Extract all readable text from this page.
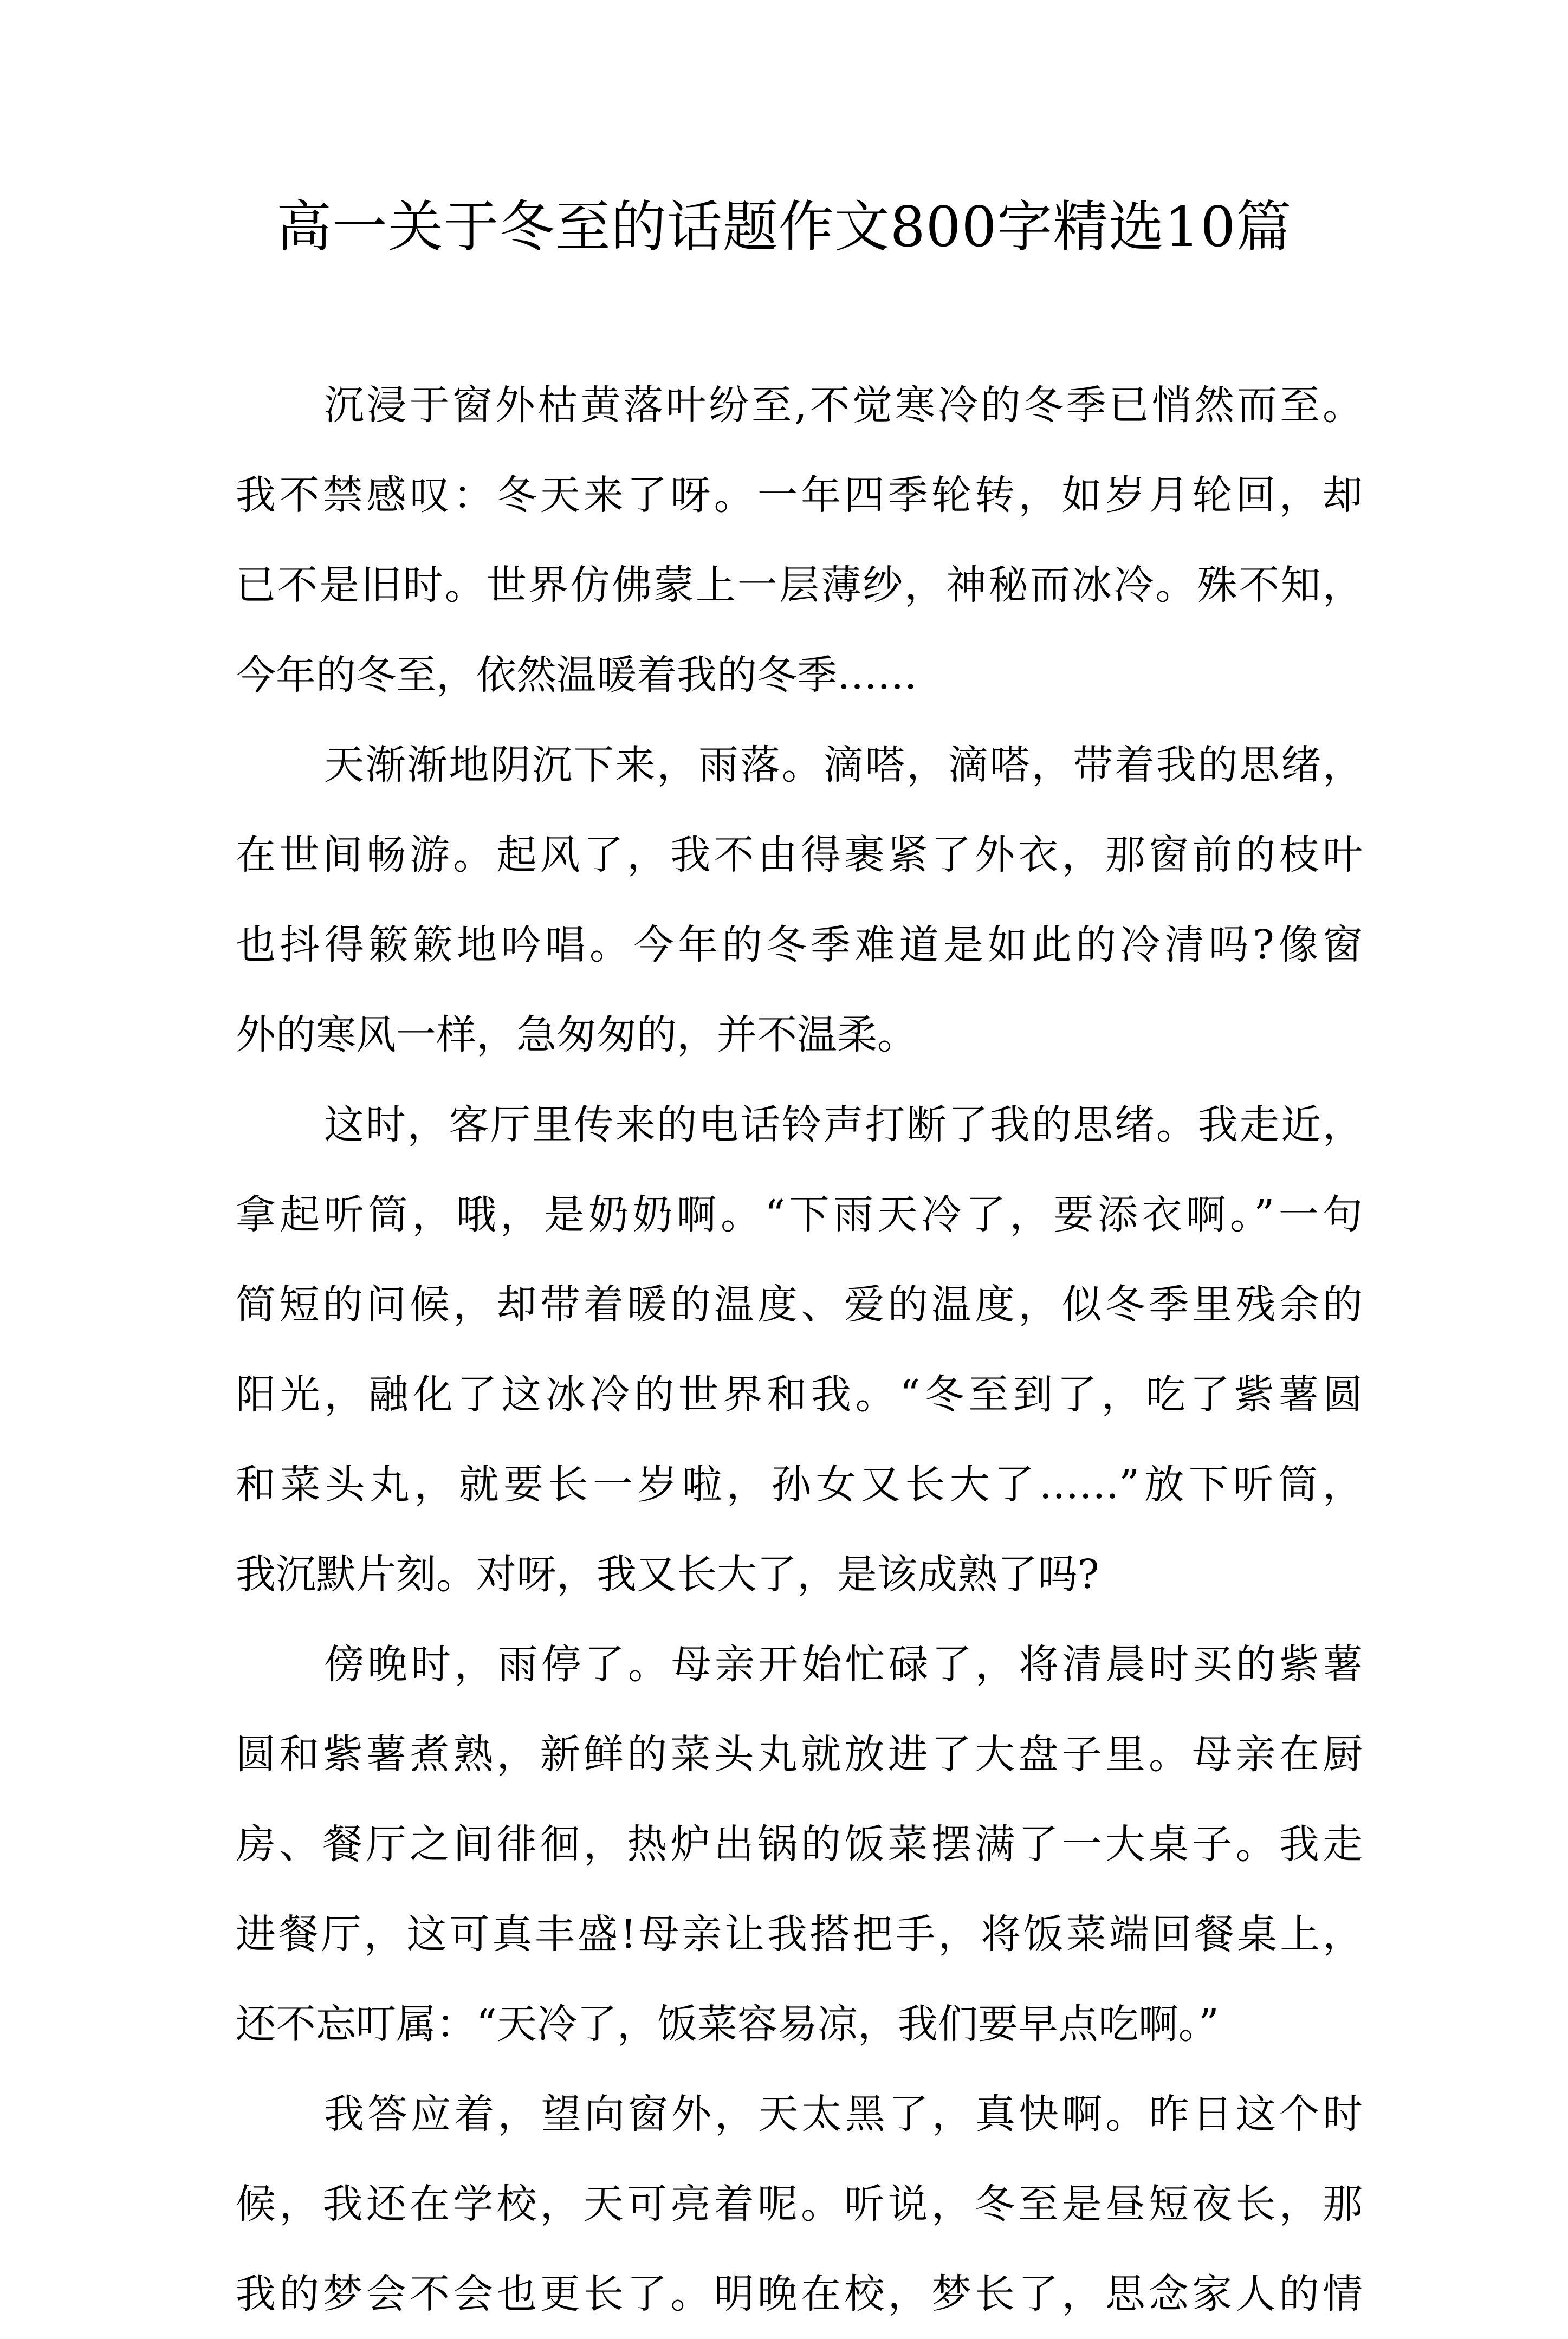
高一关于冬至的话题作文800字精选10篇

沉浸于窗外枯黄落叶纷至,不觉寒冷的冬季已悄然而至。
我不禁感叹：冬天来了呀。一年四季轮转，如岁月轮回，却
已不是旧时。世界仿佛蒙上一层薄纱，神秘而冰冷。殊不知，
今年的冬至，依然温暖着我的冬季……

天渐渐地阴沉下来，雨落。滴嗒，滴嗒，带着我的思绪，
在世间畅游。起风了，我不由得裹紧了外衣，那窗前的枝叶
也抖得簌簌地吟唱。今年的冬季难道是如此的冷清吗?像窗
外的寒风一样，急匆匆的，并不温柔。

这时，客厅里传来的电话铃声打断了我的思绪。我走近，
拿起听筒，哦，是奶奶啊。“下雨天冷了，要添衣啊。”一句
简短的问候，却带着暖的温度、爱的温度，似冬季里残余的
阳光，融化了这冰冷的世界和我。“冬至到了，吃了紫薯圆
和菜头丸，就要长一岁啦，孙女又长大了……”放下听筒，
我沉默片刻。对呀，我又长大了，是该成熟了吗?

傍晚时，雨停了。母亲开始忙碌了，将清晨时买的紫薯
圆和紫薯煮熟，新鲜的菜头丸就放进了大盘子里。母亲在厨
房、餐厅之间徘徊，热炉出锅的饭菜摆满了一大桌子。我走
进餐厅，这可真丰盛!母亲让我搭把手，将饭菜端回餐桌上，
还不忘叮属：“天冷了，饭菜容易凉，我们要早点吃啊。”

我答应着，望向窗外，天太黑了，真快啊。昨日这个时
候，我还在学校，天可亮着呢。听说，冬至是昼短夜长，那
我的梦会不会也更长了。明晚在校，梦长了，思念家人的情
